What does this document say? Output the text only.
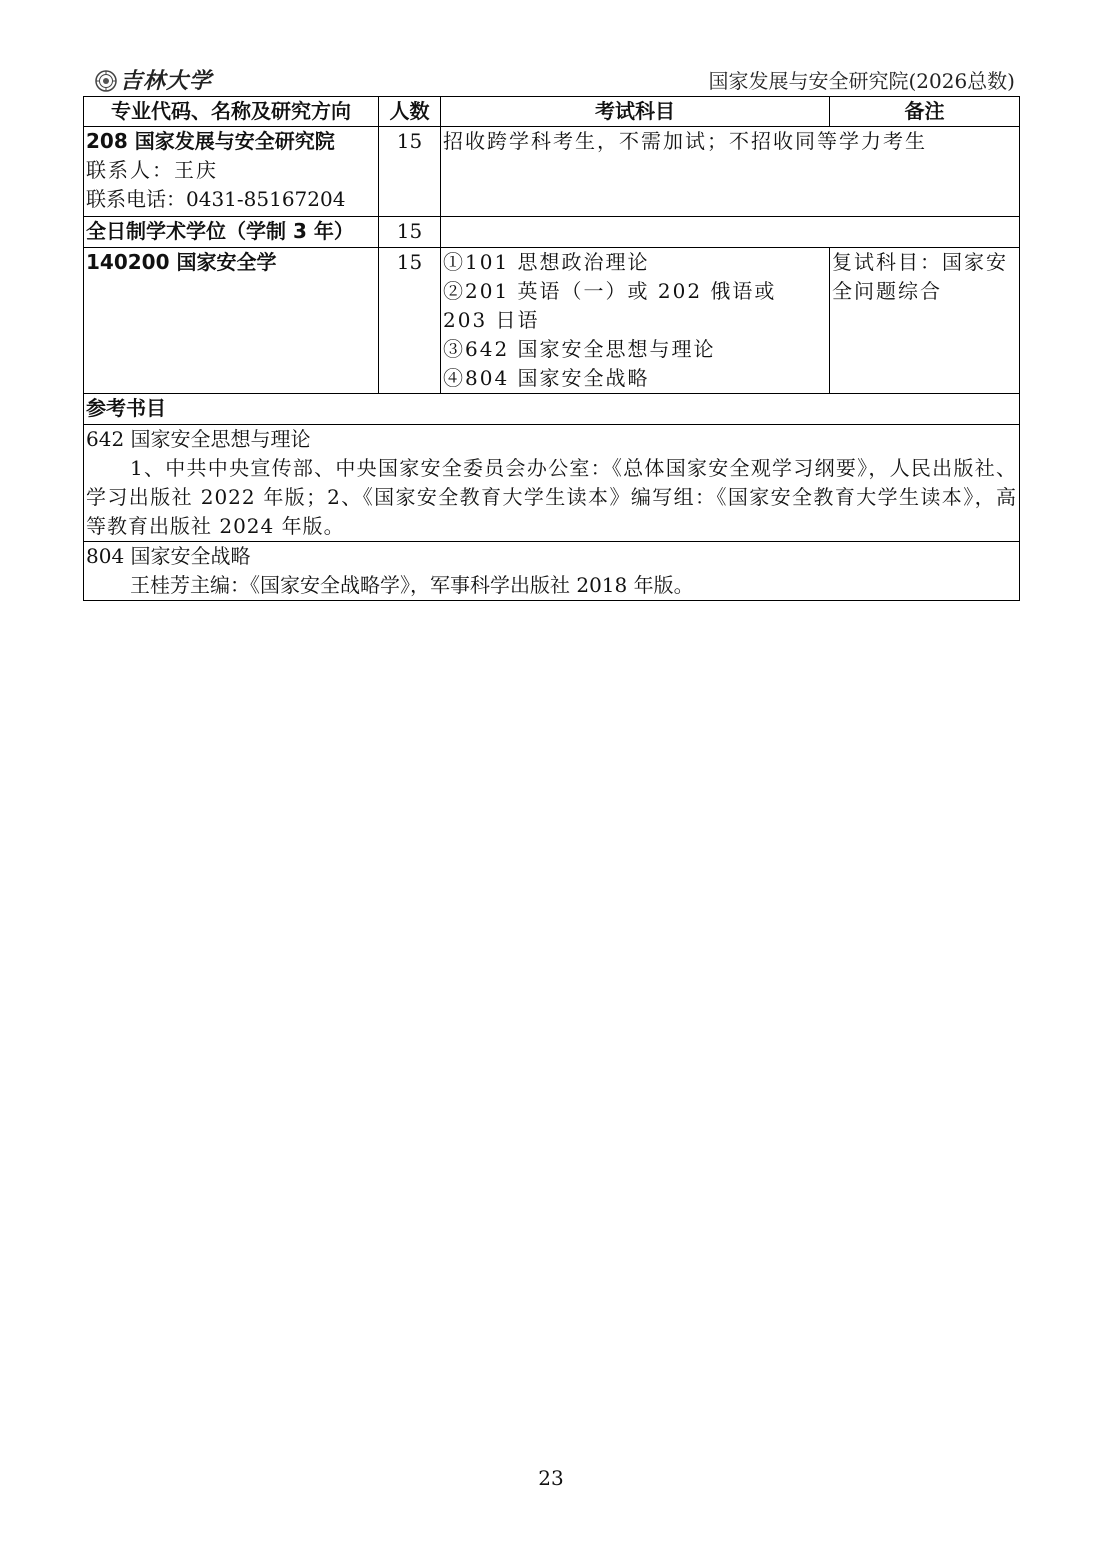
吉林大学	国家发展与安全研究院(2026总数)
专业代码、名称及研究方向	人数	考试科目	备注

208 国家发展与安全研究院
联系人：王庆
联系电话：0431-85167204	15	招收跨学科考生，不需加试；不招收同等学力考生	
全日制学术学位（学制 3 年）	15		
140200 国家安全学	15	①101 思想政治理论
②201 英语（一）或 202 俄语或 203 日语
③642 国家安全思想与理论
④804 国家安全战略	复试科目：国家安全问题综合
参考书目			

642 国家安全思想与理论
1、中共中央宣传部、中央国家安全委员会办公室：《总体国家安全观学习纲要》，人民出版社、学习出版社 2022 年版；2、《国家安全教育大学生读本》编写组：《国家安全教育大学生读本》，高等教育出版社 2024 年版。			

804 国家安全战略
王桂芳主编：《国家安全战略学》，军事科学出版社 2018 年版。			
23
